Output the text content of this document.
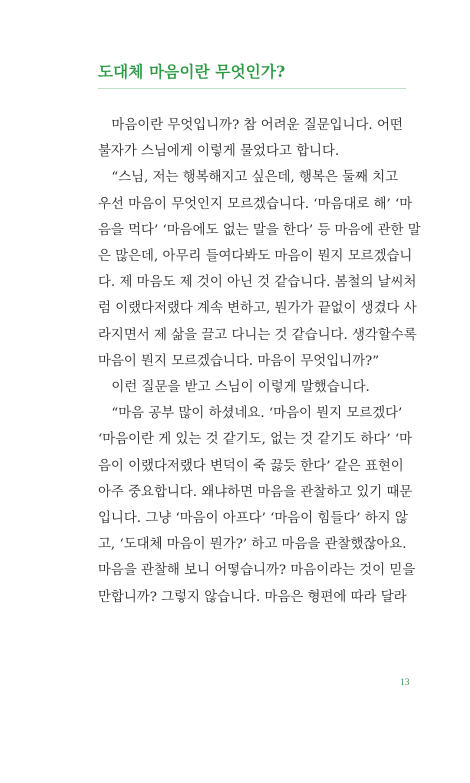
도대체 마음이란 무엇인가?

마음이란 무엇입니까? 참 어려운 질문입니다. 어떤
불자가 스님에게 이렇게 물었다고 합니다.

“스님, 저는 행복해지고 싶은데, 행복은 둘째 치고
우선 마음이 무엇인지 모르겠습니다. ‘마음대로 해’ ‘마
음을 먹다’ ‘마음에도 없는 말을 한다’ 등 마음에 관한 말
은 많은데, 아무리 들여다봐도 마음이 뭔지 모르겠습니
다. 제 마음도 제 것이 아닌 것 같습니다. 봄철의 날씨처
럼 이랬다저랬다 계속 변하고, 뭔가가 끝없이 생겼다 사
라지면서 제 삶을 끌고 다니는 것 같습니다. 생각할수록
마음이 뭔지 모르겠습니다. 마음이 무엇입니까?”

이런 질문을 받고 스님이 이렇게 말했습니다.

“마음 공부 많이 하셨네요. ‘마음이 뭔지 모르겠다’
‘마음이란 게 있는 것 같기도, 없는 것 같기도 하다’ ‘마
음이 이랬다저랬다 변덕이 죽 끓듯 한다’ 같은 표현이
아주 중요합니다. 왜냐하면 마음을 관찰하고 있기 때문
입니다. 그냥 ‘마음이 아프다’ ‘마음이 힘들다’ 하지 않
고, ‘도대체 마음이 뭔가?’ 하고 마음을 관찰했잖아요.
마음을 관찰해 보니 어떻습니까? 마음이라는 것이 믿을
만합니까? 그렇지 않습니다. 마음은 형편에 따라 달라

13
